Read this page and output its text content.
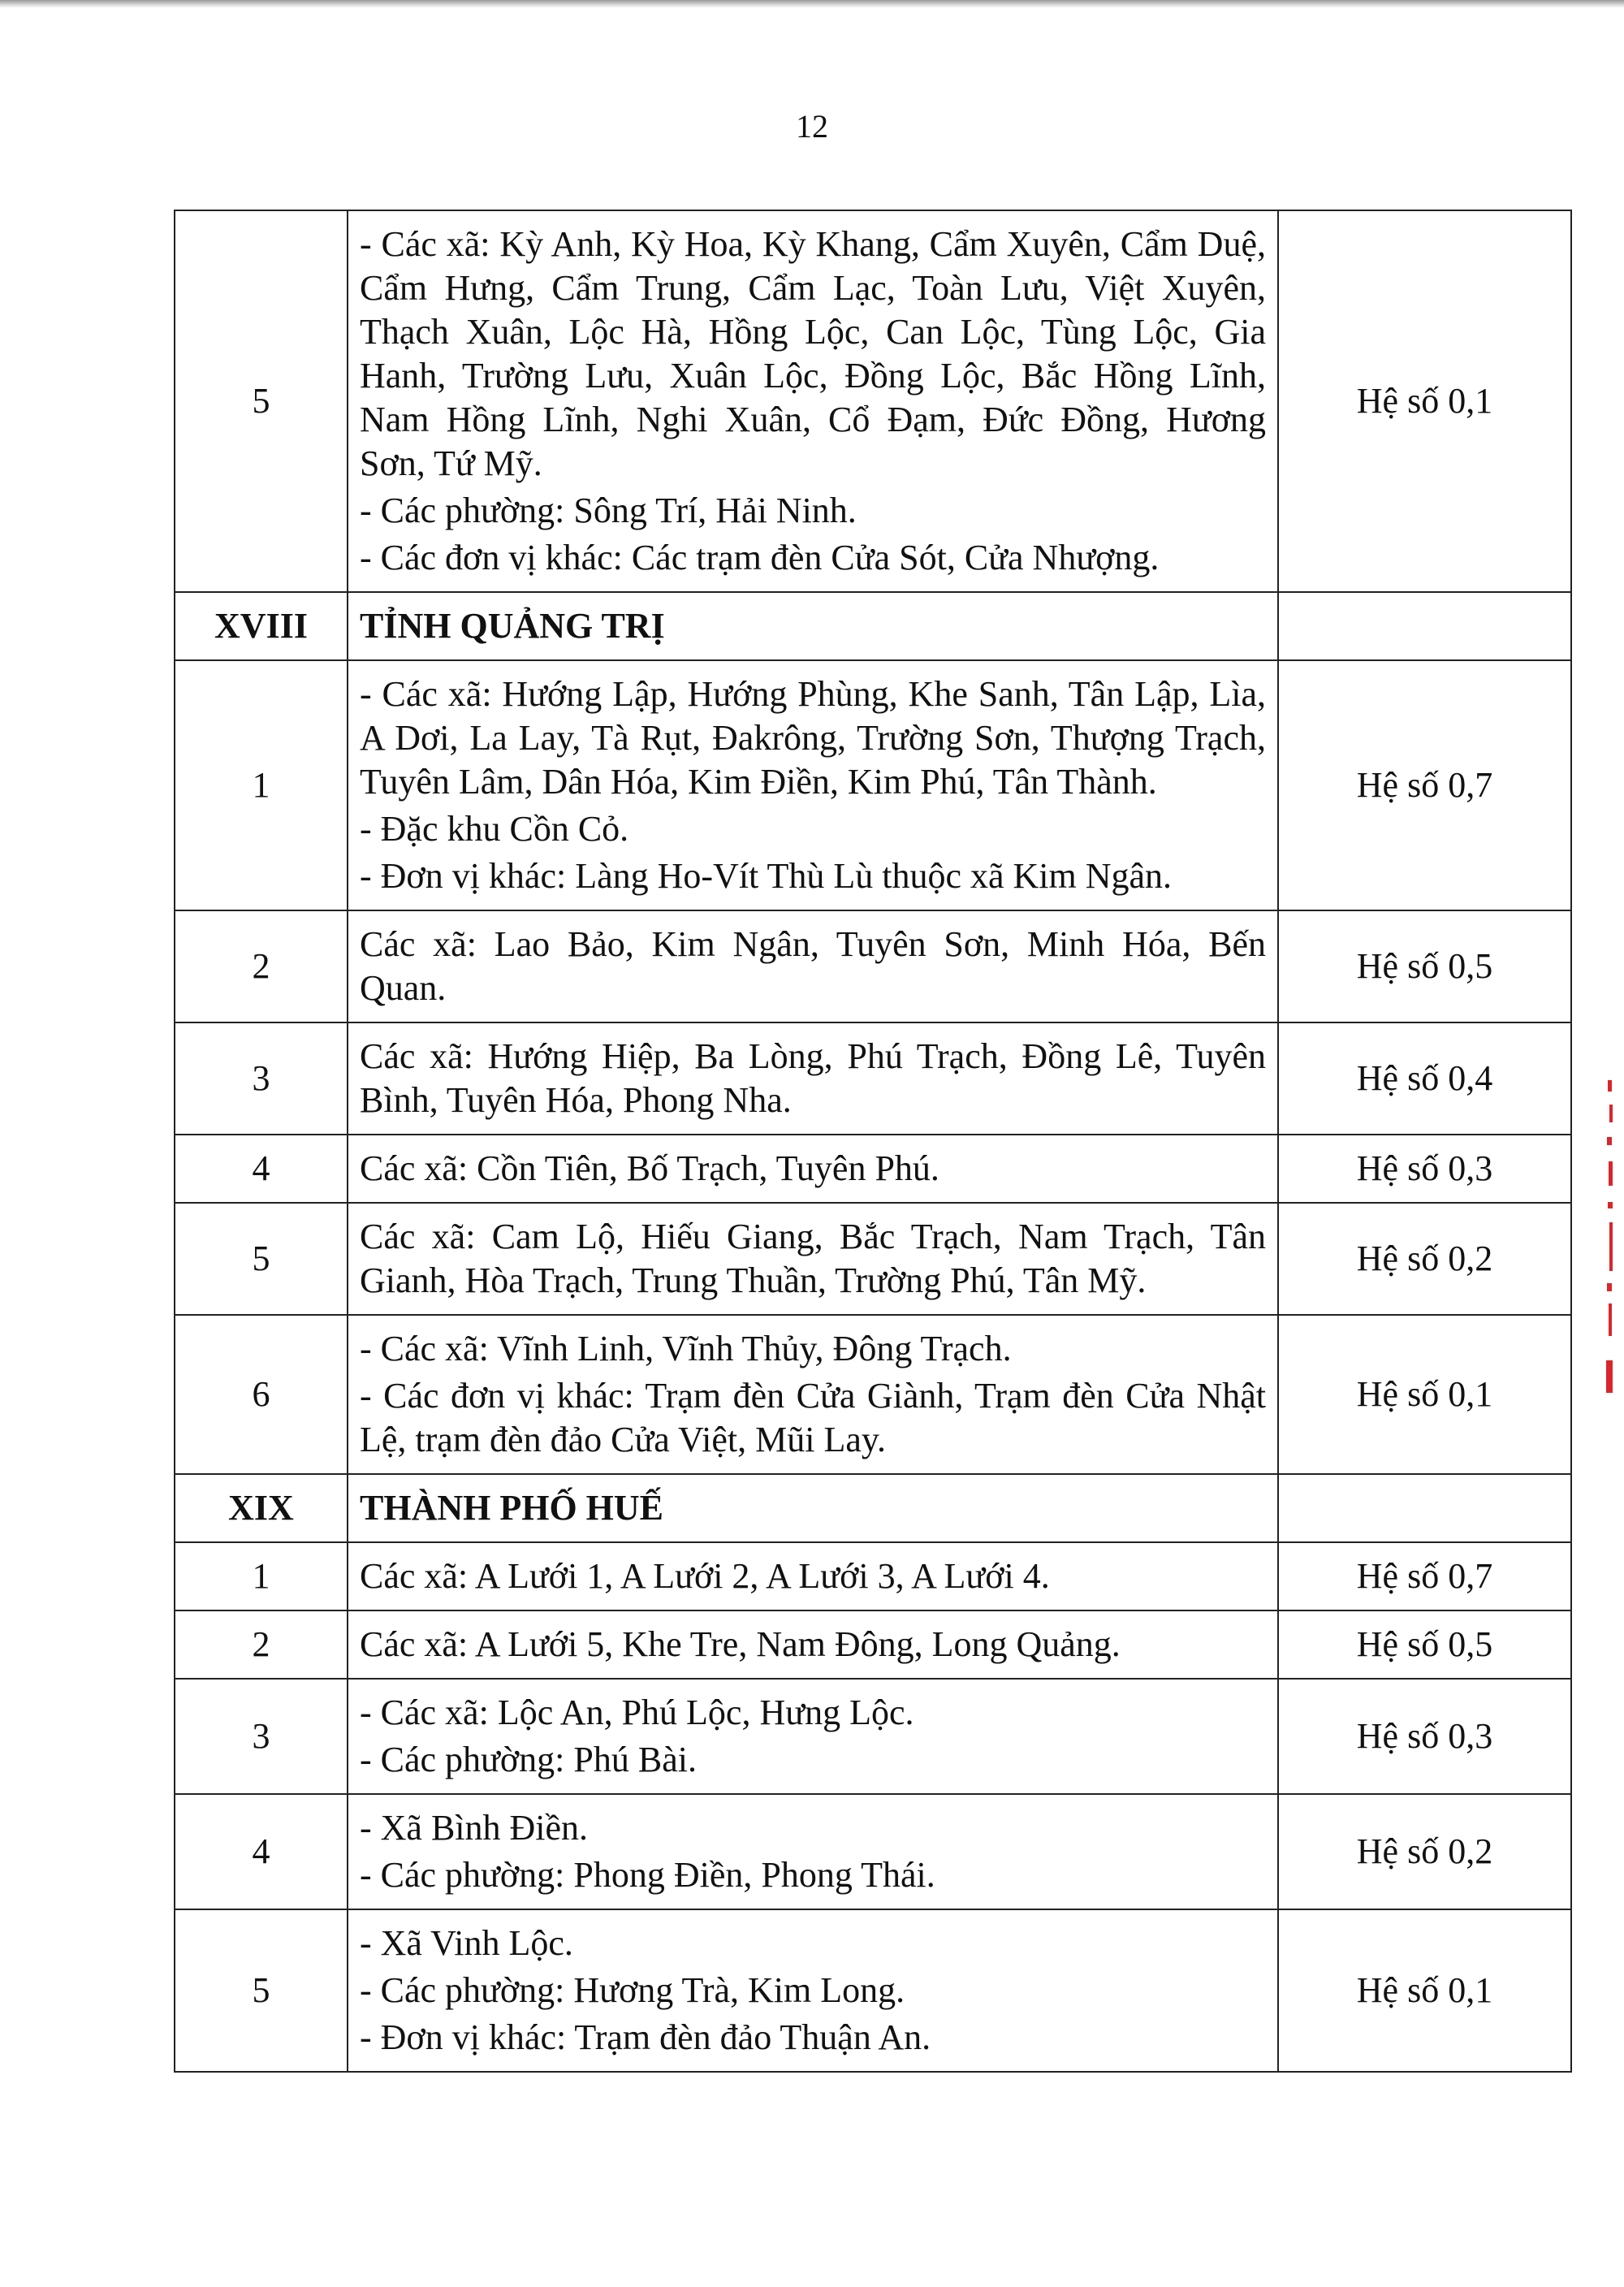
12
5	- Các xã: Kỳ Anh, Kỳ Hoa, Kỳ Khang, Cẩm Xuyên, Cẩm Duệ, Cẩm Hưng, Cẩm Trung, Cẩm Lạc, Toàn Lưu, Việt Xuyên, Thạch Xuân, Lộc Hà, Hồng Lộc, Can Lộc, Tùng Lộc, Gia Hanh, Trường Lưu, Xuân Lộc, Đồng Lộc, Bắc Hồng Lĩnh, Nam Hồng Lĩnh, Nghi Xuân, Cổ Đạm, Đức Đồng, Hương Sơn, Tứ Mỹ.
- Các phường: Sông Trí, Hải Ninh.
- Các đơn vị khác: Các trạm đèn Cửa Sót, Cửa Nhượng.	Hệ số 0,1
XVIII	TỈNH QUẢNG TRỊ	
1	- Các xã: Hướng Lập, Hướng Phùng, Khe Sanh, Tân Lập, Lìa, A Dơi, La Lay, Tà Rụt, Đakrông, Trường Sơn, Thượng Trạch, Tuyên Lâm, Dân Hóa, Kim Điền, Kim Phú, Tân Thành.
- Đặc khu Cồn Cỏ.
- Đơn vị khác: Làng Ho-Vít Thù Lù thuộc xã Kim Ngân.	Hệ số 0,7
2	Các xã: Lao Bảo, Kim Ngân, Tuyên Sơn, Minh Hóa, Bến Quan.	Hệ số 0,5
3	Các xã: Hướng Hiệp, Ba Lòng, Phú Trạch, Đồng Lê, Tuyên Bình, Tuyên Hóa, Phong Nha.	Hệ số 0,4
4	Các xã: Cồn Tiên, Bố Trạch, Tuyên Phú.	Hệ số 0,3
5	Các xã: Cam Lộ, Hiếu Giang, Bắc Trạch, Nam Trạch, Tân Gianh, Hòa Trạch, Trung Thuần, Trường Phú, Tân Mỹ.	Hệ số 0,2
6	- Các xã: Vĩnh Linh, Vĩnh Thủy, Đông Trạch.
- Các đơn vị khác: Trạm đèn Cửa Giành, Trạm đèn Cửa Nhật Lệ, trạm đèn đảo Cửa Việt, Mũi Lay.	Hệ số 0,1
XIX	THÀNH PHỐ HUẾ	
1	Các xã: A Lưới 1, A Lưới 2, A Lưới 3, A Lưới 4.	Hệ số 0,7
2	Các xã: A Lưới 5, Khe Tre, Nam Đông, Long Quảng.	Hệ số 0,5
3	- Các xã: Lộc An, Phú Lộc, Hưng Lộc.
- Các phường: Phú Bài.	Hệ số 0,3
4	- Xã Bình Điền.
- Các phường: Phong Điền, Phong Thái.	Hệ số 0,2
5	- Xã Vinh Lộc.
- Các phường: Hương Trà, Kim Long.
- Đơn vị khác: Trạm đèn đảo Thuận An.	Hệ số 0,1
